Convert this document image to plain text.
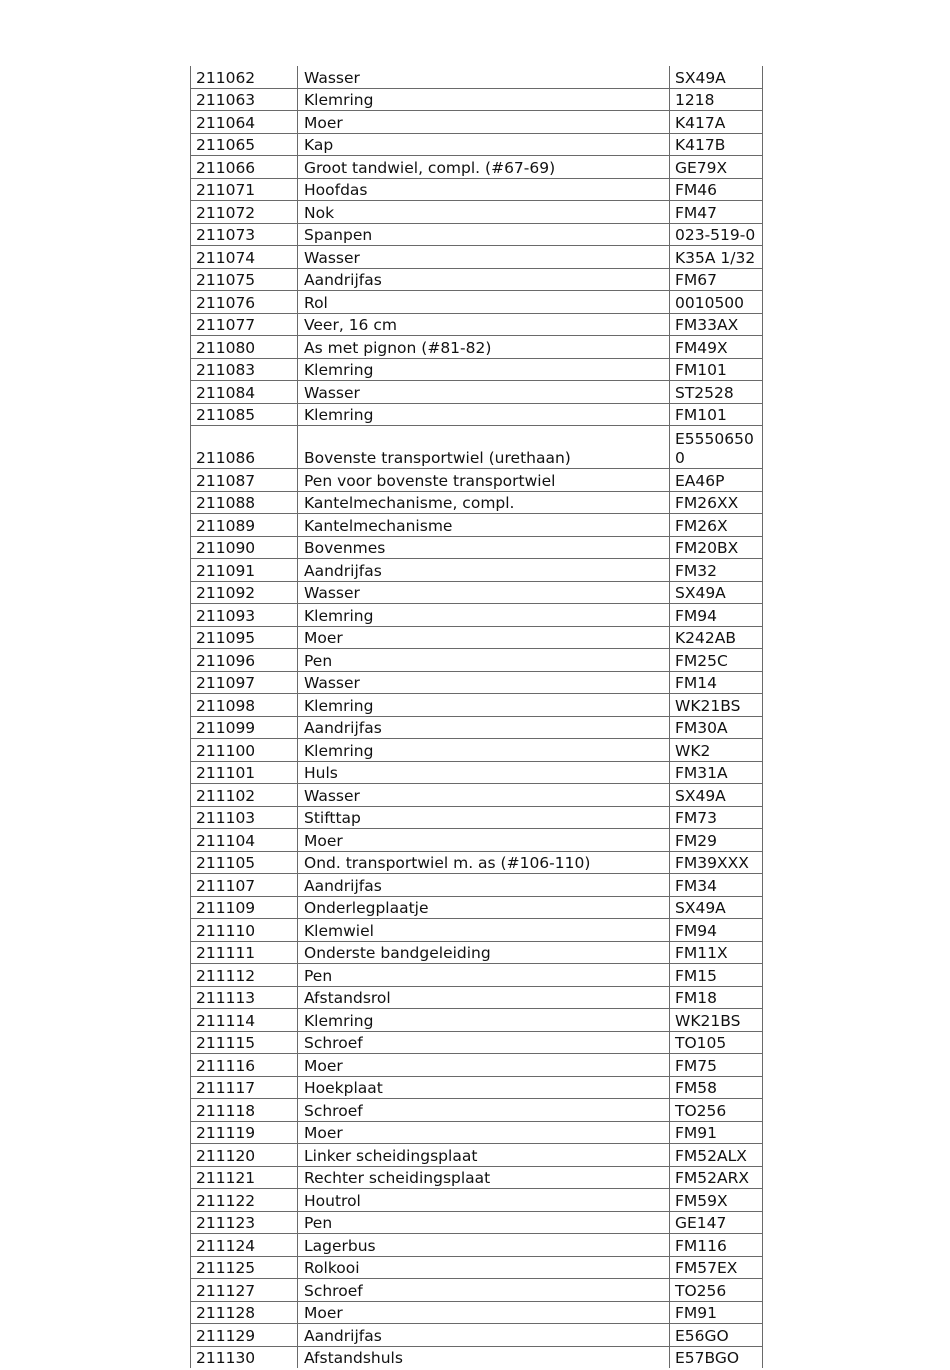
211062	Wasser	SX49A
211063	Klemring	1218
211064	Moer	K417A
211065	Kap	K417B
211066	Groot tandwiel, compl. (#67-69)	GE79X
211071	Hoofdas	FM46
211072	Nok	FM47
211073	Spanpen	023-519-0
211074	Wasser	K35A 1/32
211075	Aandrijfas	FM67
211076	Rol	0010500
211077	Veer, 16 cm	FM33AX
211080	As met pignon (#81-82)	FM49X
211083	Klemring	FM101
211084	Wasser	ST2528
211085	Klemring	FM101
211086	Bovenste transportwiel (urethaan)	E55506500
211087	Pen voor bovenste transportwiel	EA46P
211088	Kantelmechanisme, compl.	FM26XX
211089	Kantelmechanisme	FM26X
211090	Bovenmes	FM20BX
211091	Aandrijfas	FM32
211092	Wasser	SX49A
211093	Klemring	FM94
211095	Moer	K242AB
211096	Pen	FM25C
211097	Wasser	FM14
211098	Klemring	WK21BS
211099	Aandrijfas	FM30A
211100	Klemring	WK2
211101	Huls	FM31A
211102	Wasser	SX49A
211103	Stifttap	FM73
211104	Moer	FM29
211105	Ond. transportwiel m. as (#106-110)	FM39XXX
211107	Aandrijfas	FM34
211109	Onderlegplaatje	SX49A
211110	Klemwiel	FM94
211111	Onderste bandgeleiding	FM11X
211112	Pen	FM15
211113	Afstandsrol	FM18
211114	Klemring	WK21BS
211115	Schroef	TO105
211116	Moer	FM75
211117	Hoekplaat	FM58
211118	Schroef	TO256
211119	Moer	FM91
211120	Linker scheidingsplaat	FM52ALX
211121	Rechter scheidingsplaat	FM52ARX
211122	Houtrol	FM59X
211123	Pen	GE147
211124	Lagerbus	FM116
211125	Rolkooi	FM57EX
211127	Schroef	TO256
211128	Moer	FM91
211129	Aandrijfas	E56GO
211130	Afstandshuls	E57BGO
